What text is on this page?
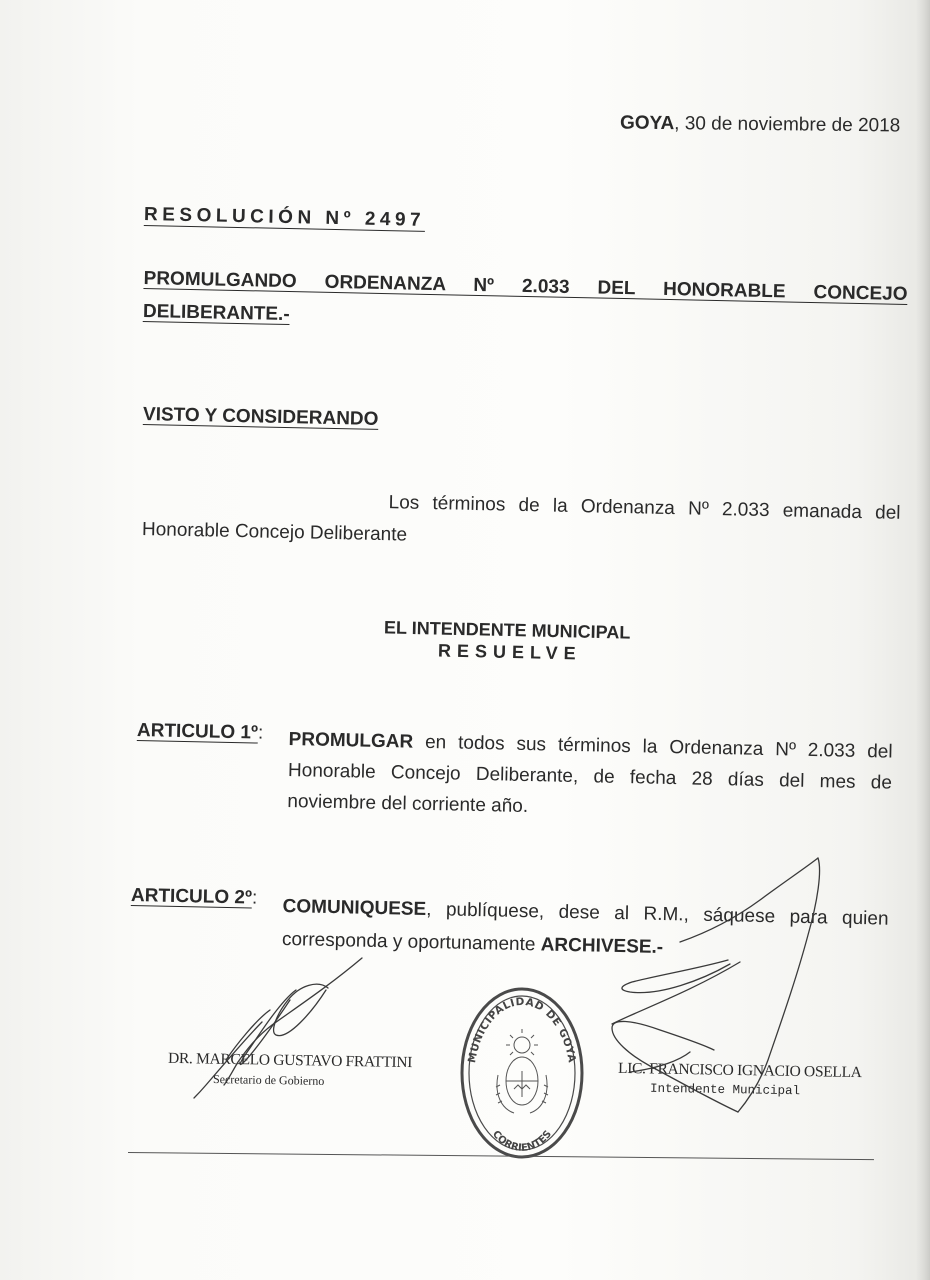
GOYA, 30 de noviembre de 2018
RESOLUCIÓN Nº 2497
PROMULGANDO ORDENANZA Nº 2.033 DEL HONORABLE CONCEJO
DELIBERANTE.-
VISTO Y CONSIDERANDO
Los términos de la Ordenanza Nº 2.033 emanada del
Honorable Concejo Deliberante
EL INTENDENTE MUNICIPAL
RESUELVE
ARTICULO 1º: PROMULGAR en todos sus términos la Ordenanza Nº 2.033 del Honorable Concejo Deliberante, de fecha 28 días del mes de noviembre del corriente año.
ARTICULO 2º: COMUNIQUESE, publíquese, dese al R.M., sáquese para quien corresponda y oportunamente ARCHIVESE.-
DR. MARCELO GUSTAVO FRATTINI
Secretario de Gobierno	LIC. FRANCISCO IGNACIO OSELLA
Intendente Municipal
MUNICIPALIDAD DE GOYA
CORRIENTES
